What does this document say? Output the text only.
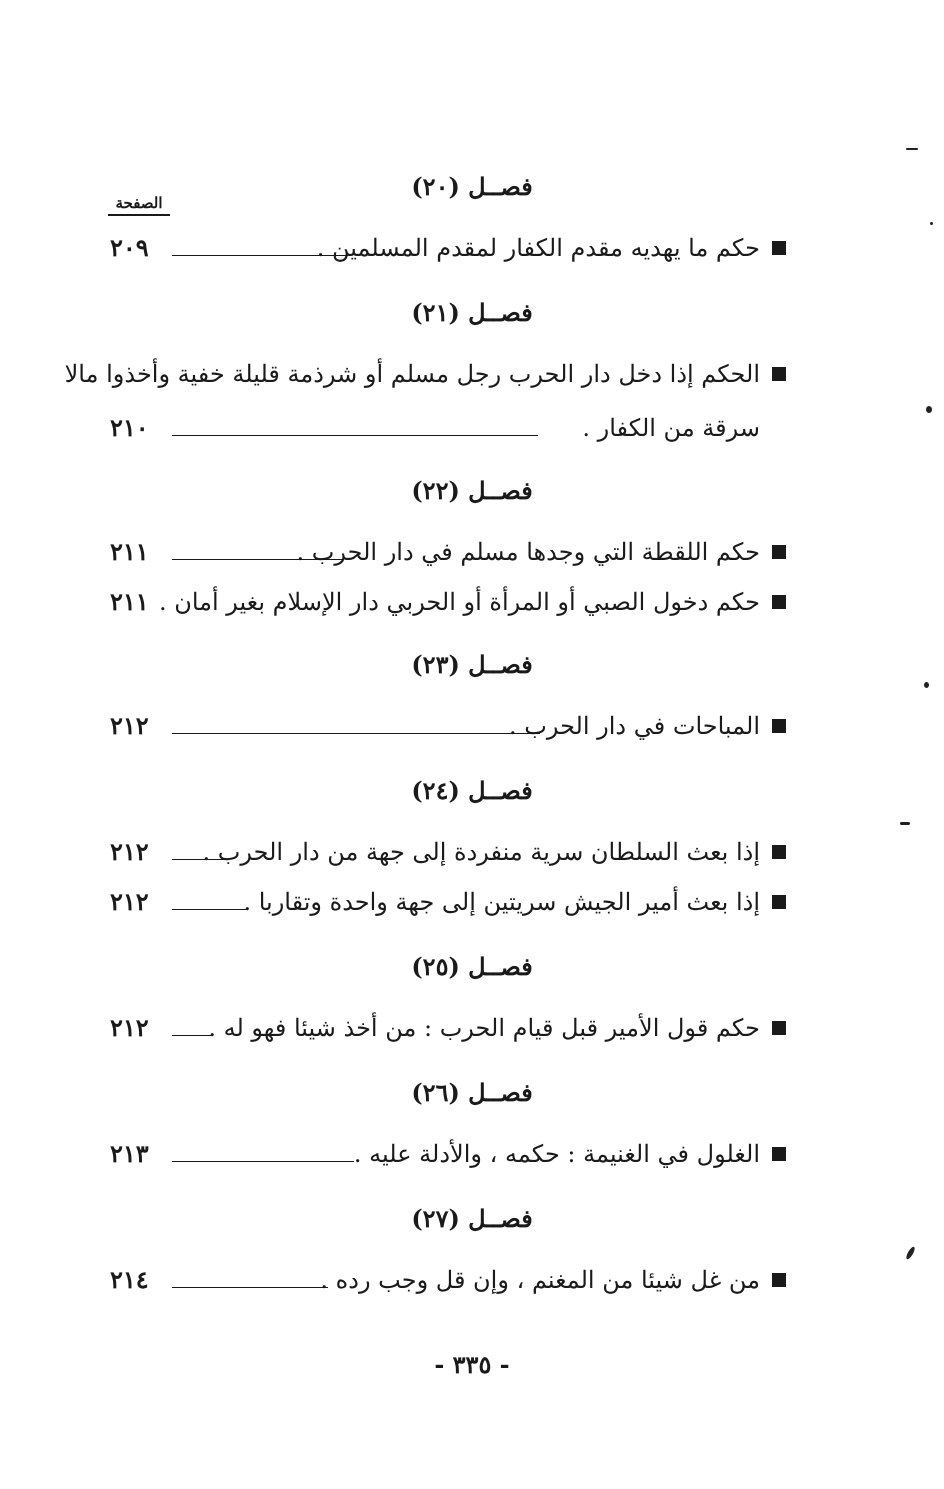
الصفحة
فصــل (٢٠)
حكم ما يهديه مقدم الكفار لمقدم المسلمين .
٢٠٩
فصــل (٢١)
الحكم إذا دخل دار الحرب رجل مسلم أو شرذمة قليلة خفية وأخذوا مالا
سرقة من الكفار .
٢١٠
فصــل (٢٢)
حكم اللقطة التي وجدها مسلم في دار الحرب .
٢١١
حكم دخول الصبي أو المرأة أو الحربي دار الإسلام بغير أمان .
٢١١
فصــل (٢٣)
المباحات في دار الحرب .
٢١٢
فصــل (٢٤)
إذا بعث السلطان سرية منفردة إلى جهة من دار الحرب .
٢١٢
إذا بعث أمير الجيش سريتين إلى جهة واحدة وتقاربا .
٢١٢
فصــل (٢٥)
حكم قول الأمير قبل قيام الحرب : من أخذ شيئا فهو له .
٢١٢
فصــل (٢٦)
الغلول في الغنيمة : حكمه ، والأدلة عليه .
٢١٣
فصــل (٢٧)
من غل شيئا من المغنم ، وإن قل وجب رده .
٢١٤
- ٣٣٥ -
